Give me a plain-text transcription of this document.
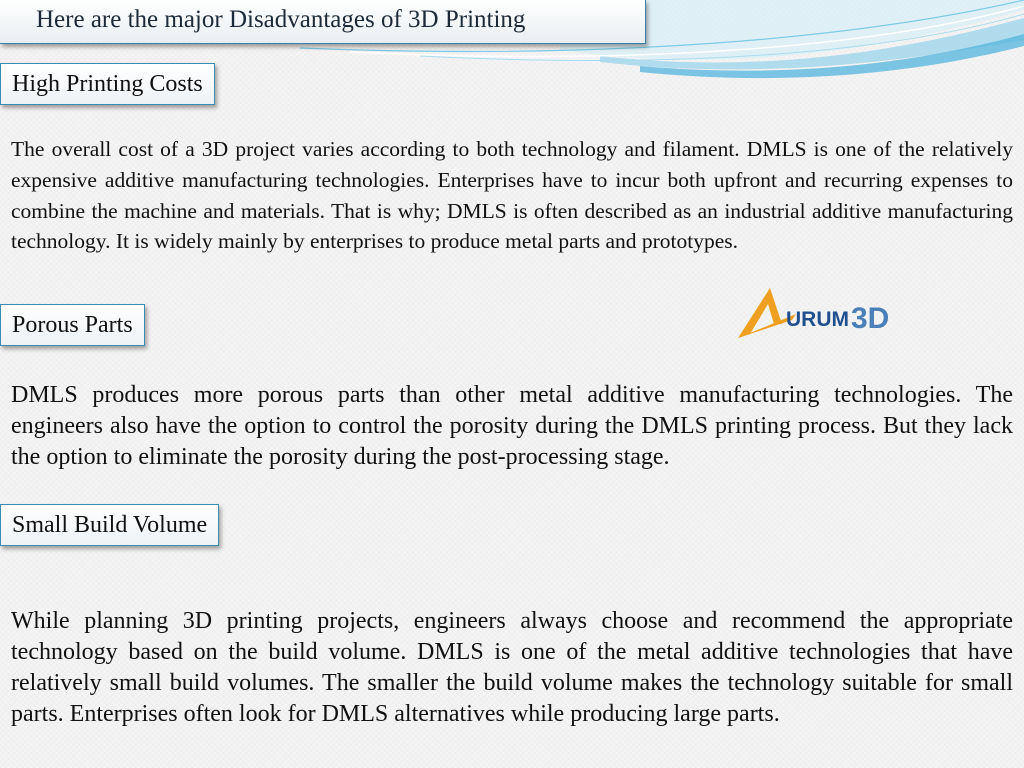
Here are the major Disadvantages of 3D Printing
High Printing Costs
The overall cost of a 3D project varies according to both technology and filament. DMLS is one of the relatively expensive additive manufacturing technologies. Enterprises have to incur both upfront and recurring expenses to combine the machine and materials. That is why; DMLS is often described as an industrial additive manufacturing technology. It is widely mainly by enterprises to produce metal parts and prototypes.
Porous Parts	URUM 3D
DMLS produces more porous parts than other metal additive manufacturing technologies. The engineers also have the option to control the porosity during the DMLS printing process. But they lack the option to eliminate the porosity during the post-processing stage.
Small Build Volume
While planning 3D printing projects, engineers always choose and recommend the appropriate technology based on the build volume. DMLS is one of the metal additive technologies that have relatively small build volumes. The smaller the build volume makes the technology suitable for small parts. Enterprises often look for DMLS alternatives while producing large parts.
